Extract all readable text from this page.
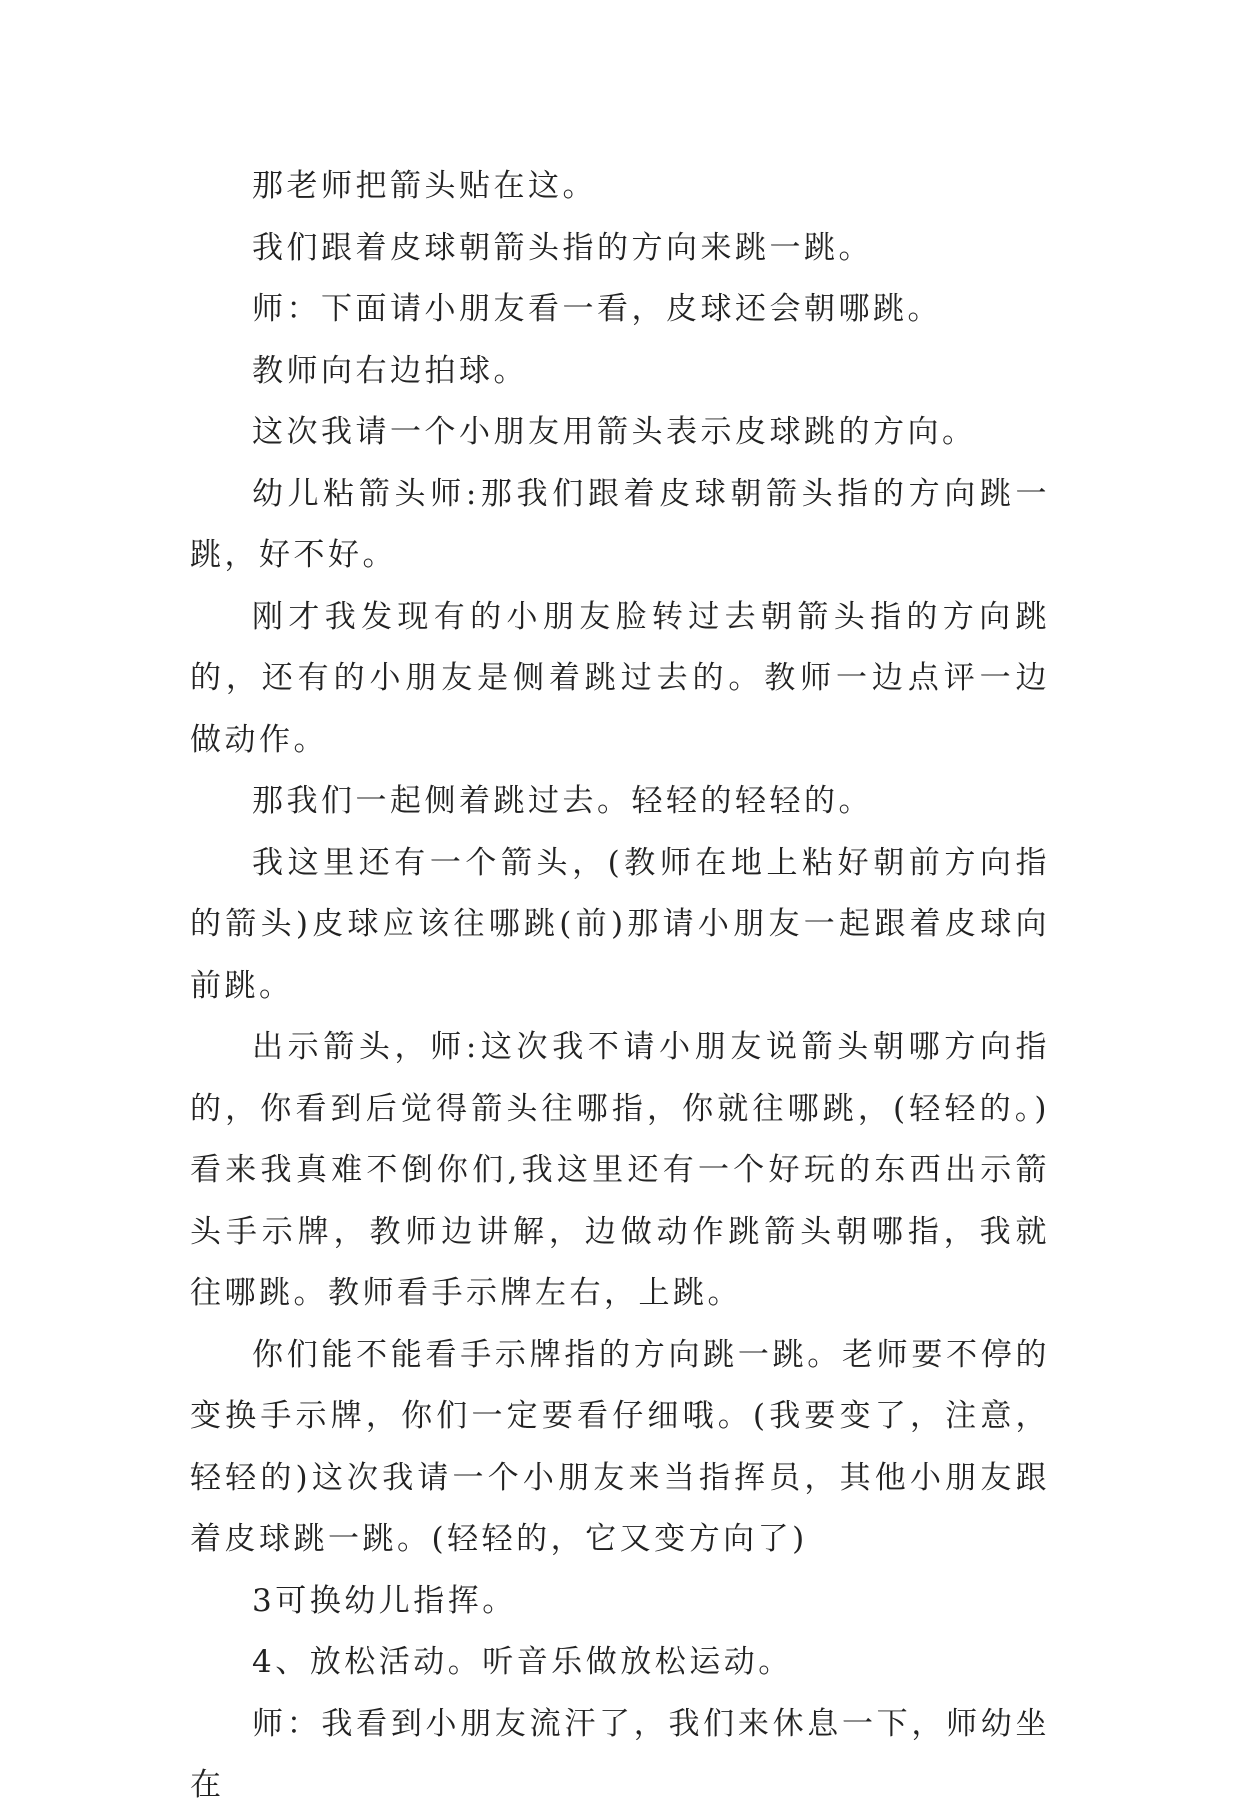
那老师把箭头贴在这。

我们跟着皮球朝箭头指的方向来跳一跳。

师：下面请小朋友看一看，皮球还会朝哪跳。

教师向右边拍球。

这次我请一个小朋友用箭头表示皮球跳的方向。

幼儿粘箭头师:那我们跟着皮球朝箭头指的方向跳一跳，好不好。

刚才我发现有的小朋友脸转过去朝箭头指的方向跳的，还有的小朋友是侧着跳过去的。教师一边点评一边做动作。

那我们一起侧着跳过去。轻轻的轻轻的。

我这里还有一个箭头，(教师在地上粘好朝前方向指的箭头)皮球应该往哪跳(前)那请小朋友一起跟着皮球向前跳。

出示箭头，师:这次我不请小朋友说箭头朝哪方向指的，你看到后觉得箭头往哪指，你就往哪跳，(轻轻的。)看来我真难不倒你们,我这里还有一个好玩的东西出示箭头手示牌，教师边讲解，边做动作跳箭头朝哪指，我就往哪跳。教师看手示牌左右，上跳。

你们能不能看手示牌指的方向跳一跳。老师要不停的变换手示牌，你们一定要看仔细哦。(我要变了，注意，轻轻的)这次我请一个小朋友来当指挥员，其他小朋友跟着皮球跳一跳。(轻轻的，它又变方向了)

3可换幼儿指挥。

4、放松活动。听音乐做放松运动。

师：我看到小朋友流汗了，我们来休息一下，师幼坐在
